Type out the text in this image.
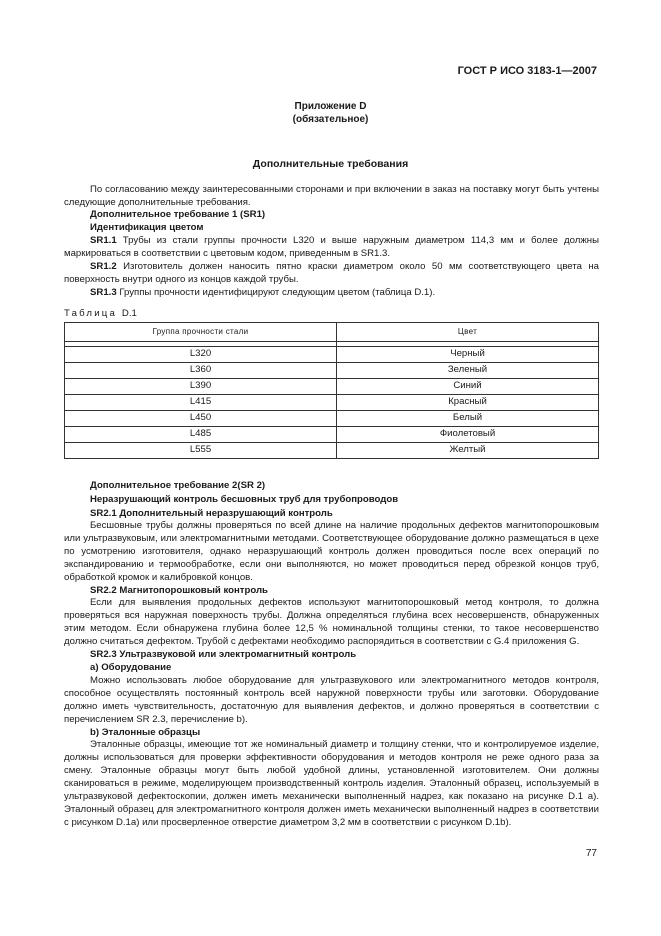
ГОСТ Р ИСО 3183-1—2007
Приложение D
(обязательное)
Дополнительные требования

По согласованию между заинтересованными сторонами и при включении в заказ на поставку могут быть учтены следующие дополнительные требования.

Дополнительное требование 1 (SR1)

Идентификация цветом

SR1.1 Трубы из стали группы прочности L320 и выше наружным диаметром 114,3 мм и более должны маркироваться в соответствии с цветовым кодом, приведенным в SR1.3.

SR1.2 Изготовитель должен наносить пятно краски диаметром около 50 мм соответствующего цвета на поверхность внутри одного из концов каждой трубы.

SR1.3 Группы прочности идентифицируют следующим цветом (таблица D.1).

Таблица D.1
Группа прочности стали	Цвет

L320	Черный
L360	Зеленый
L390	Синий
L415	Красный
L450	Белый
L485	Фиолетовый
L555	Желтый

Дополнительное требование 2(SR 2)

Неразрушающий контроль бесшовных труб для трубопроводов

SR2.1 Дополнительный неразрушающий контроль

Бесшовные трубы должны проверяться по всей длине на наличие продольных дефектов магнитопорошковым или ультразвуковым, или электромагнитными методами. Соответствующее оборудование должно размещаться в цехе по усмотрению изготовителя, однако неразрушающий контроль должен проводиться после всех операций по экспандированию и термообработке, если они выполняются, но может проводиться перед обрезкой концов труб, обработкой кромок и калибровкой концов.

SR2.2 Магнитопорошковый контроль

Если для выявления продольных дефектов используют магнитопорошковый метод контроля, то должна проверяться вся наружная поверхность трубы. Должна определяться глубина всех несовершенств, обнаруженных этим методом. Если обнаружена глубина более 12,5 % номинальной толщины стенки, то такое несовершенство должно считаться дефектом. Трубой с дефектами необходимо распорядиться в соответствии с G.4 приложения G.

SR2.3 Ультразвуковой или электромагнитный контроль

a) Оборудование

Можно использовать любое оборудование для ультразвукового или электромагнитного методов контроля, способное осуществлять постоянный контроль всей наружной поверхности трубы или заготовки. Оборудование должно иметь чувствительность, достаточную для выявления дефектов, и должно проверяться в соответствии с перечислением SR 2.3, перечисление b).

b) Эталонные образцы

Эталонные образцы, имеющие тот же номинальный диаметр и толщину стенки, что и контролируемое изделие, должны использоваться для проверки эффективности оборудования и методов контроля не реже одного раза за смену. Эталонные образцы могут быть любой удобной длины, установленной изготовителем. Они должны сканироваться в режиме, моделирующем производственный контроль изделия. Эталонный образец, используемый в ультразвуковой дефектоскопии, должен иметь механически выполненный надрез, как показано на рисунке D.1 а). Эталонный образец для электромагнитного контроля должен иметь механически выполненный надрез в соответствии с рисунком D.1а) или просверленное отверстие диаметром 3,2 мм в соответствии с рисунком D.1b).

77
